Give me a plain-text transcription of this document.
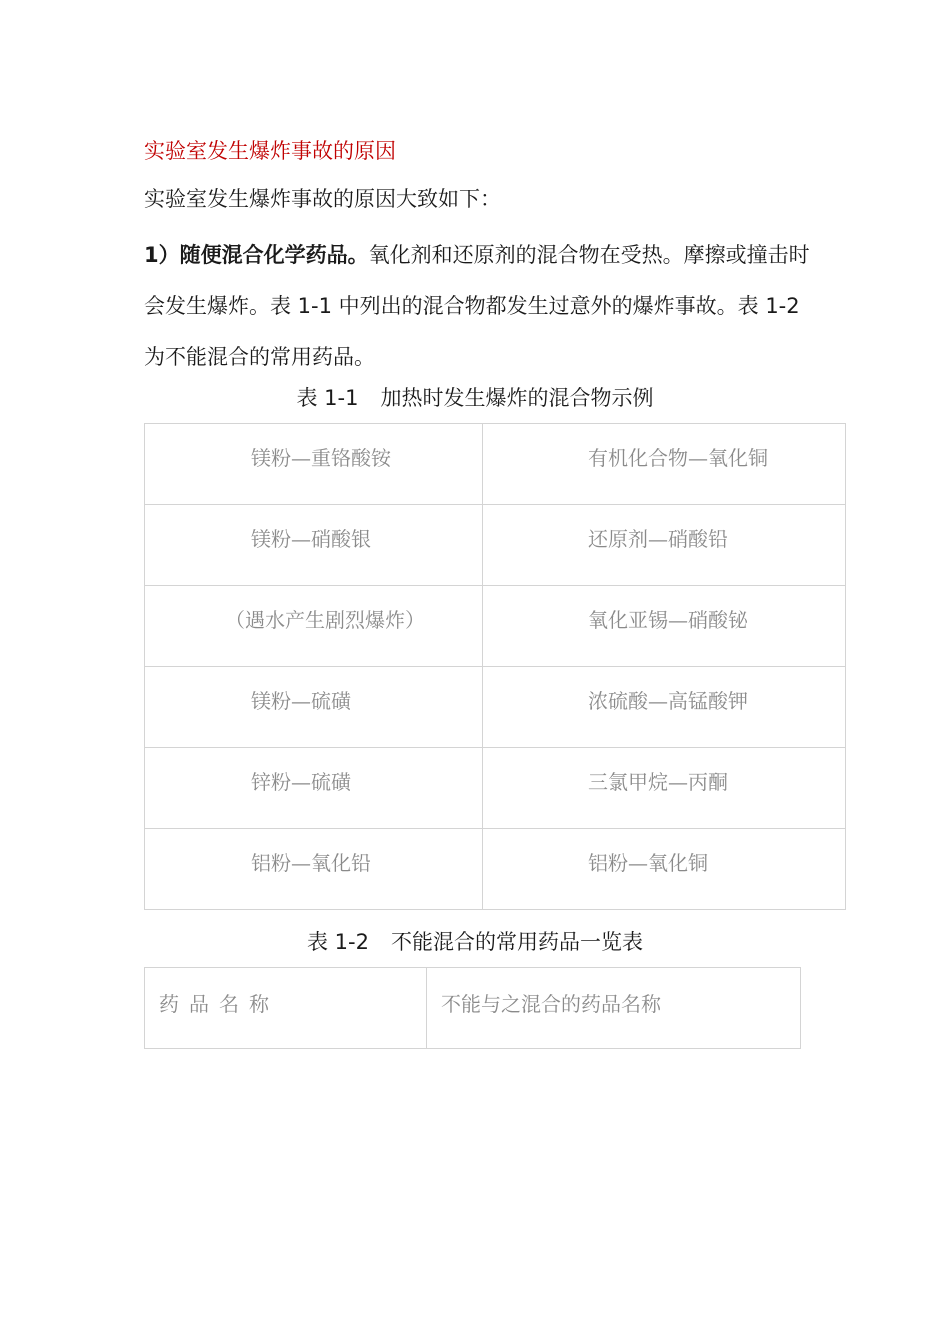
实验室发生爆炸事故的原因

实验室发生爆炸事故的原因大致如下：

1）随便混合化学药品。氧化剂和还原剂的混合物在受热。摩擦或撞击时会发生爆炸。表 1-1 中列出的混合物都发生过意外的爆炸事故。表 1-2 为不能混合的常用药品。

表 1-1 加热时发生爆炸的混合物示例

镁粉—重铬酸铵	有机化合物—氧化铜
镁粉—硝酸银	还原剂—硝酸铅
（遇水产生剧烈爆炸）	氧化亚锡—硝酸铋
镁粉—硫磺	浓硫酸—高锰酸钾
锌粉—硫磺	三氯甲烷—丙酮
铝粉—氧化铅	铝粉—氧化铜

表 1-2 不能混合的常用药品一览表

药品名称	不能与之混合的药品名称
